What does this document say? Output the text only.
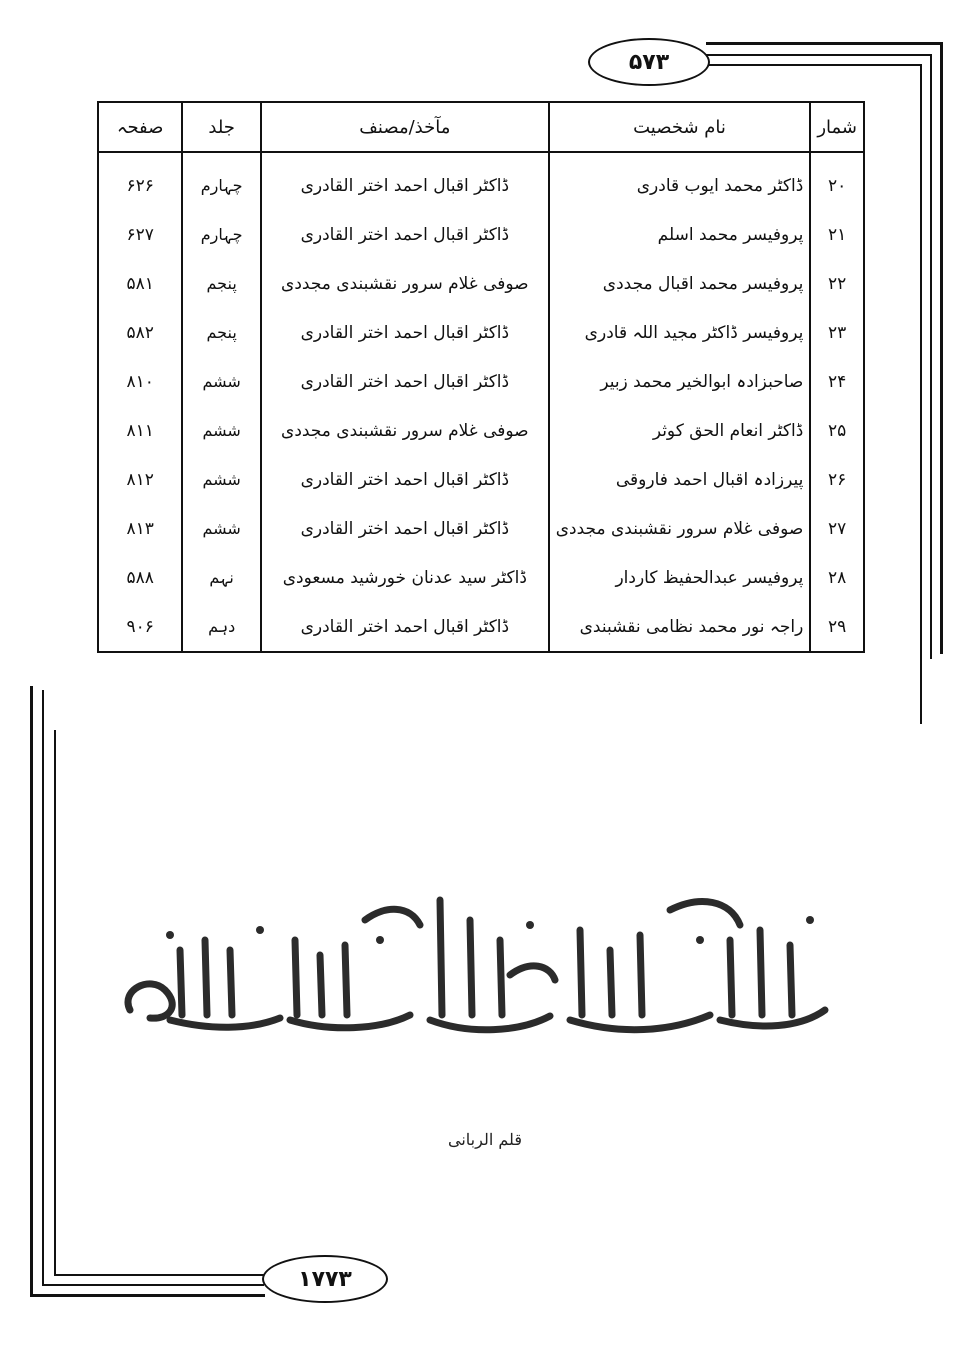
۵۷۳
۱۷۷۳
شمار	نام شخصیت	مآخذ/مصنف	جلد	صفحہ
۲۰	ڈاکٹر محمد ایوب قادری	ڈاکٹر اقبال احمد اختر القادری	چہارم	۶۲۶
۲۱	پروفیسر محمد اسلم	ڈاکٹر اقبال احمد اختر القادری	چہارم	۶۲۷
۲۲	پروفیسر محمد اقبال مجددی	صوفی غلام سرور نقشبندی مجددی	پنجم	۵۸۱
۲۳	پروفیسر ڈاکٹر مجید اللہ قادری	ڈاکٹر اقبال احمد اختر القادری	پنجم	۵۸۲
۲۴	صاحبزادہ ابوالخیر محمد زبیر	ڈاکٹر اقبال احمد اختر القادری	ششم	۸۱۰
۲۵	ڈاکٹر انعام الحق کوثر	صوفی غلام سرور نقشبندی مجددی	ششم	۸۱۱
۲۶	پیرزادہ اقبال احمد فاروقی	ڈاکٹر اقبال احمد اختر القادری	ششم	۸۱۲
۲۷	صوفی غلام سرور نقشبندی مجددی	ڈاکٹر اقبال احمد اختر القادری	ششم	۸۱۳
۲۸	پروفیسر عبدالحفیظ کاردار	ڈاکٹر سید عدنان خورشید مسعودی	نہم	۵۸۸
۲۹	راجہ نور محمد نظامی نقشبندی	ڈاکٹر اقبال احمد اختر القادری	دہم	۹۰۶
قلم الربانی
